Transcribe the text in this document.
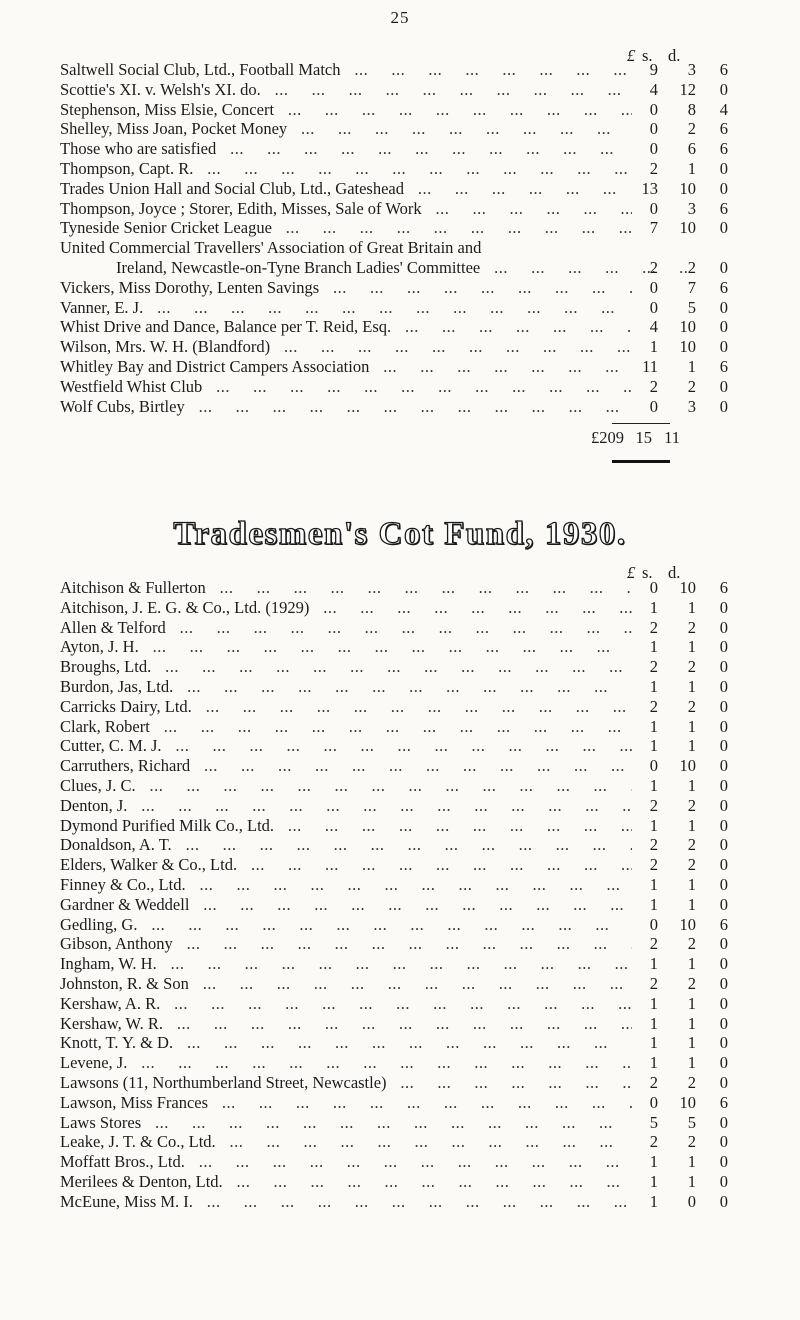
25
£ s. d.
Saltwell Social Club, Ltd., Football Match ...	9	3	6
Scottie's XI. v. Welsh's XI. do. ...	4	12	0
Stephenson, Miss Elsie, Concert ...	0	8	4
Shelley, Miss Joan, Pocket Money ...	0	2	6
Those who are satisfied ...	0	6	6
Thompson, Capt. R. ...	2	1	0
Trades Union Hall and Social Club, Ltd., Gateshead ...	13	10	0
Thompson, Joyce ; Storer, Edith, Misses, Sale of Work ...	0	3	6
Tyneside Senior Cricket League ...	7	10	0
United Commercial Travellers' Association of Great Britain and
Ireland, Newcastle-on-Tyne Branch Ladies' Committee ...	2	2	0
Vickers, Miss Dorothy, Lenten Savings ...	0	7	6
Vanner, E. J. ...	0	5	0
Whist Drive and Dance, Balance per T. Reid, Esq. ...	4	10	0
Wilson, Mrs. W. H. (Blandford) ...	1	10	0
Whitley Bay and District Campers Association ...	11	1	6
Westfield Whist Club ...	2	2	0
Wolf Cubs, Birtley ...	0	3	0
£209 15 11
Tradesmen's Cot Fund, 1930.
£ s. d.
Aitchison & Fullerton ...	0	10	6
Aitchison, J. E. G. & Co., Ltd. (1929) ...	1	1	0
Allen & Telford ...	2	2	0
Ayton, J. H. ...	1	1	0
Broughs, Ltd. ...	2	2	0
Burdon, Jas, Ltd. ...	1	1	0
Carricks Dairy, Ltd. ...	2	2	0
Clark, Robert ...	1	1	0
Cutter, C. M. J. ...	1	1	0
Carruthers, Richard ...	0	10	0
Clues, J. C. ...	1	1	0
Denton, J. ...	2	2	0
Dymond Purified Milk Co., Ltd. ...	1	1	0
Donaldson, A. T. ...	2	2	0
Elders, Walker & Co., Ltd. ...	2	2	0
Finney & Co., Ltd. ...	1	1	0
Gardner & Weddell ...	1	1	0
Gedling, G. ...	0	10	6
Gibson, Anthony ...	2	2	0
Ingham, W. H. ...	1	1	0
Johnston, R. & Son ...	2	2	0
Kershaw, A. R. ...	1	1	0
Kershaw, W. R. ...	1	1	0
Knott, T. Y. & D. ...	1	1	0
Levene, J. ...	1	1	0
Lawsons (11, Northumberland Street, Newcastle) ...	2	2	0
Lawson, Miss Frances ...	0	10	6
Laws Stores ...	5	5	0
Leake, J. T. & Co., Ltd. ...	2	2	0
Moffatt Bros., Ltd. ...	1	1	0
Merilees & Denton, Ltd. ...	1	1	0
McEune, Miss M. I. ...	1	0	0
